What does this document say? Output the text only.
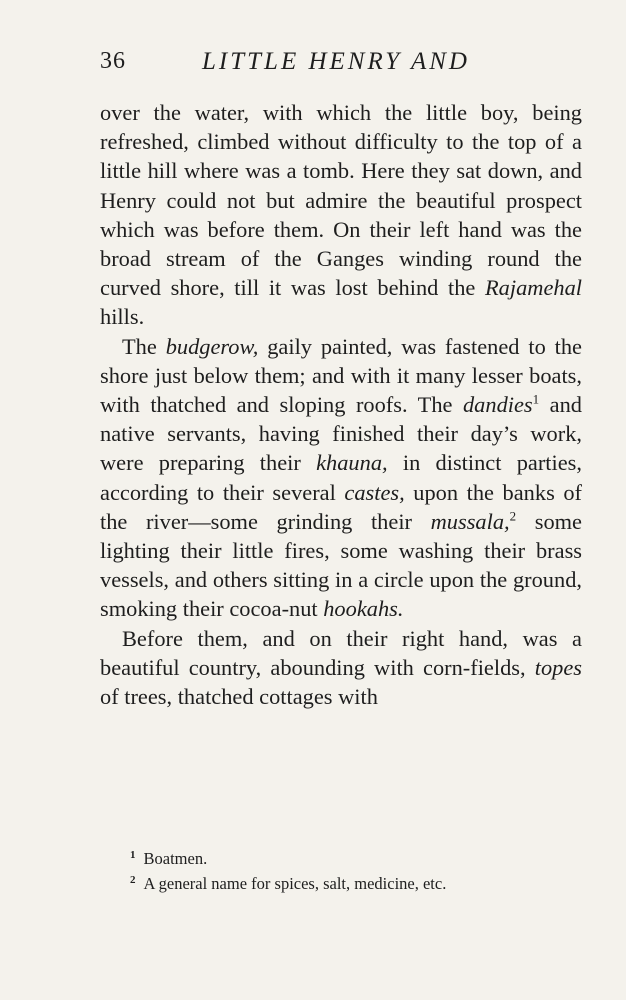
36	LITTLE HENRY AND

over the water, with which the little boy, being refreshed, climbed without difficulty to the top of a little hill where was a tomb. Here they sat down, and Henry could not but admire the beautiful prospect which was before them. On their left hand was the broad stream of the Ganges winding round the curved shore, till it was lost behind the Rajamehal hills.

The budgerow, gaily painted, was fastened to the shore just below them; and with it many lesser boats, with thatched and sloping roofs. The dandies$^1$ and native servants, having finished their day’s work, were preparing their khauna, in distinct parties, according to their several castes, upon the banks of the river—some grinding their mussala,$^2$ some lighting their little fires, some washing their brass vessels, and others sitting in a circle upon the ground, smoking their cocoa-nut hookahs.

Before them, and on their right hand, was a beautiful country, abounding with corn-fields, topes of trees, thatched cottages with

$^1$ Boatmen.

$^2$ A general name for spices, salt, medicine, etc.
